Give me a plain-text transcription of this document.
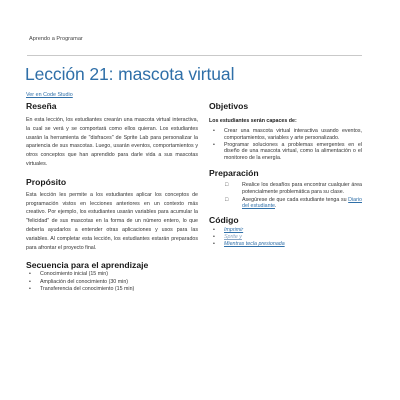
Aprendo a Programar
Lección 21: mascota virtual
Ver en Code Studio
Reseña

En esta lección, los estudiantes crearán una mascota virtual interactiva, la cual se verá y se comportará como ellos quieran. Los estudiantes usarán la herramienta de "disfraces" de Sprite Lab para personalizar la apariencia de sus mascotas. Luego, usarán eventos, comportamientos y otros conceptos que han aprendido para darle vida a sus mascotas virtuales.

Propósito

Esta lección les permite a los estudiantes aplicar los conceptos de programación vistos en lecciones anteriores en un contexto más creativo. Por ejemplo, los estudiantes usarán variables para acumular la "felicidad" de sus mascotas en la forma de un número entero, lo que debería ayudarlos a entender otras aplicaciones y usos para las variables. Al completar esta lección, los estudiantes estarán preparados para afrontar el proyecto final.

Secuencia para el aprendizaje
• Conocimiento inicial (15 min)
• Ampliación del conocimiento (30 min)
• Transferencia del conocimiento (15 min)
Objetivos
Los estudiantes serán capaces de:
• Crear una mascota virtual interactiva usando eventos, comportamientos, variables y arte personalizado.
• Programar soluciones a problemas emergentes en el diseño de una mascota virtual, como la alimentación o el monitoreo de la energía.
Preparación
□	Realice los desafíos para encontrar cualquier área potencialmente problemática para su clase.
□	Asegúrese de que cada estudiante tenga su Diario del estudiante.
Código
• Imprimir
• Sprite y
• Mientras tecla presionada
